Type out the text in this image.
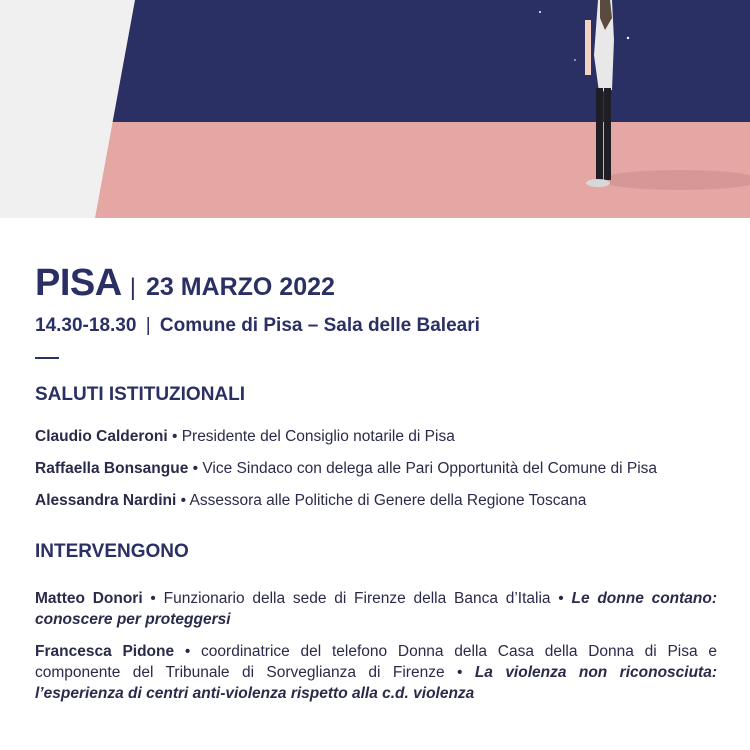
PISA | 23 MARZO 2022
14.30-18.30 | Comune di Pisa – Sala delle Baleari
SALUTI ISTITUZIONALI
Claudio Calderoni • Presidente del Consiglio notarile di Pisa
Raffaella Bonsangue • Vice Sindaco con delega alle Pari Opportunità del Comune di Pisa
Alessandra Nardini • Assessora alle Politiche di Genere della Regione Toscana
INTERVENGONO
Matteo Donori • Funzionario della sede di Firenze della Banca d’Italia • Le donne contano: conoscere per proteggersi
Francesca Pidone • coordinatrice del telefono Donna della Casa della Donna di Pisa e componente del Tribunale di Sorveglianza di Firenze • La violenza non riconosciuta: l’esperienza di centri anti-violenza rispetto alla c.d. violenza
